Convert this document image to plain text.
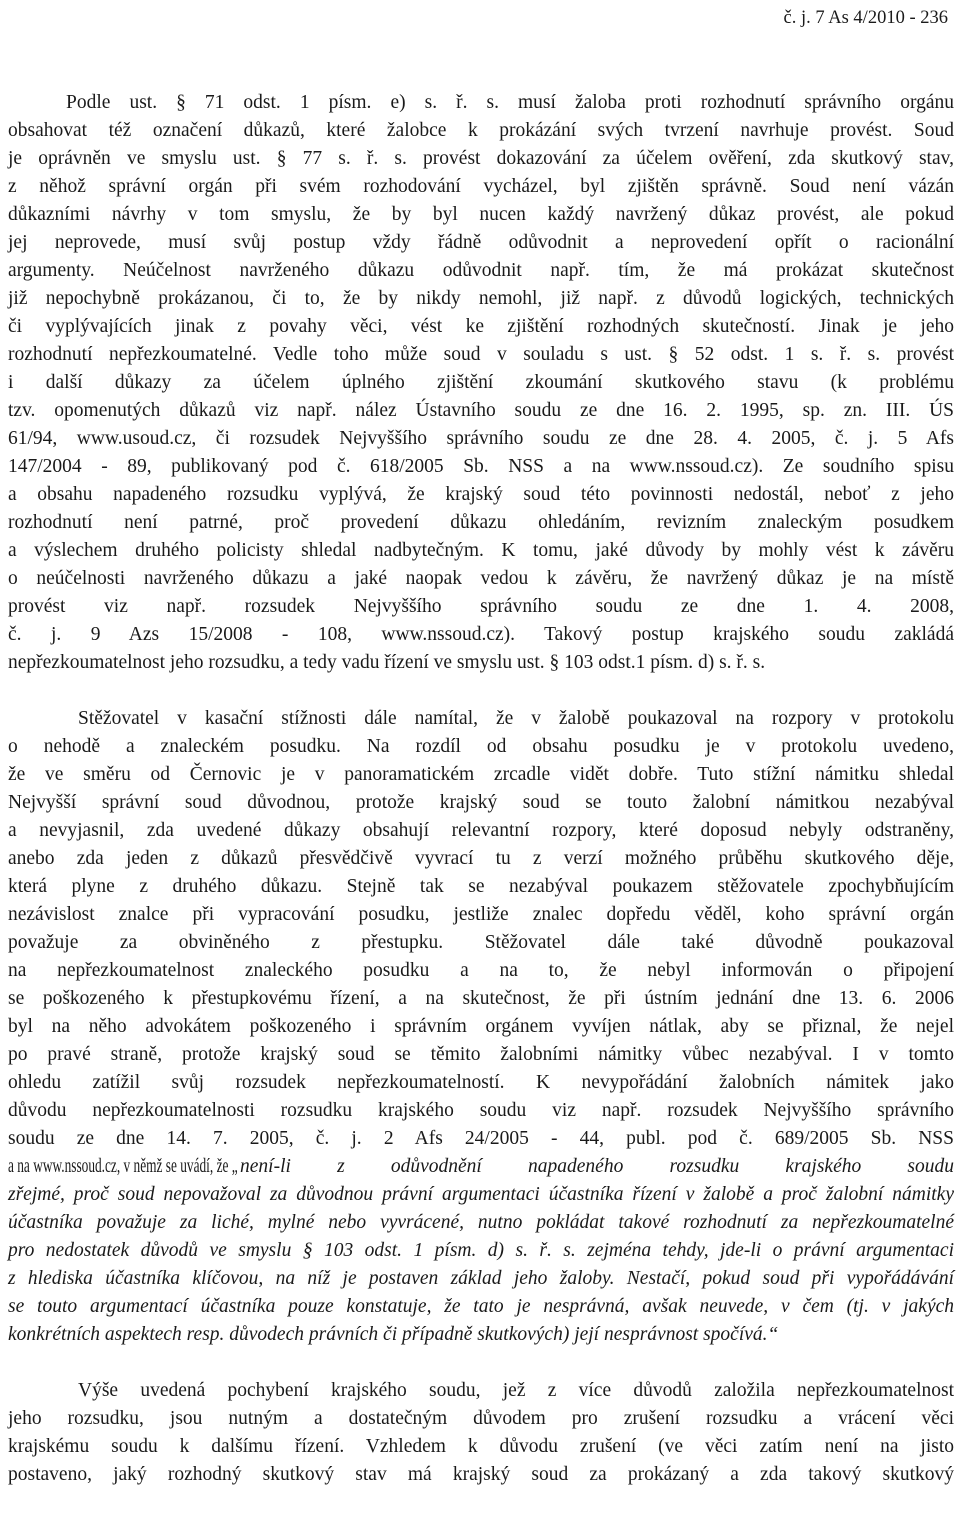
č. j. 7 As 4/2010 - 236
Podle ust. § 71 odst. 1 písm. e) s. ř. s. musí žaloba proti rozhodnutí správního orgánu
obsahovat též označení důkazů, které žalobce k prokázání svých tvrzení navrhuje provést. Soud
je oprávněn ve smyslu ust. § 77 s. ř. s. provést dokazování za účelem ověření, zda skutkový stav,
z něhož správní orgán při svém rozhodování vycházel, byl zjištěn správně. Soud není vázán
důkazními návrhy v tom smyslu, že by byl nucen každý navržený důkaz provést, ale pokud
jej neprovede, musí svůj postup vždy řádně odůvodnit a neprovedení opřít o racionální
argumenty. Neúčelnost navrženého důkazu odůvodnit např. tím, že má prokázat skutečnost
již nepochybně prokázanou, či to, že by nikdy nemohl, již např. z důvodů logických, technických
či vyplývajících jinak z povahy věci, vést ke zjištění rozhodných skutečností. Jinak je jeho
rozhodnutí nepřezkoumatelné. Vedle toho může soud v souladu s ust. § 52 odst. 1 s. ř. s. provést
i další důkazy za účelem úplného zjištění zkoumání skutkového stavu (k problému
tzv. opomenutých důkazů viz např. nález Ústavního soudu ze dne 16. 2. 1995, sp. zn. III. ÚS
61/94, www.usoud.cz, či rozsudek Nejvyššího správního soudu ze dne 28. 4. 2005, č. j. 5 Afs
147/2004 - 89, publikovaný pod č. 618/2005 Sb. NSS a na www.nssoud.cz). Ze soudního spisu
a obsahu napadeného rozsudku vyplývá, že krajský soud této povinnosti nedostál, neboť z jeho
rozhodnutí není patrné, proč provedení důkazu ohledáním, revizním znaleckým posudkem
a výslechem druhého policisty shledal nadbytečným. K tomu, jaké důvody by mohly vést k závěru
o neúčelnosti navrženého důkazu a jaké naopak vedou k závěru, že navržený důkaz je na místě
provést viz např. rozsudek Nejvyššího správního soudu ze dne 1. 4. 2008,
č. j. 9 Azs 15/2008 - 108, www.nssoud.cz). Takový postup krajského soudu zakládá
nepřezkoumatelnost jeho rozsudku, a tedy vadu řízení ve smyslu ust. § 103 odst.1 písm. d) s. ř. s.
Stěžovatel v kasační stížnosti dále namítal, že v žalobě poukazoval na rozpory v protokolu
o nehodě a znaleckém posudku. Na rozdíl od obsahu posudku je v protokolu uvedeno,
že ve směru od Černovic je v panoramatickém zrcadle vidět dobře. Tuto stížní námitku shledal
Nejvyšší správní soud důvodnou, protože krajský soud se touto žalobní námitkou nezabýval
a nevyjasnil, zda uvedené důkazy obsahují relevantní rozpory, které doposud nebyly odstraněny,
anebo zda jeden z důkazů přesvědčivě vyvrací tu z verzí možného průběhu skutkového děje,
která plyne z druhého důkazu. Stejně tak se nezabýval poukazem stěžovatele zpochybňujícím
nezávislost znalce při vypracování posudku, jestliže znalec dopředu věděl, koho správní orgán
považuje za obviněného z přestupku. Stěžovatel dále také důvodně poukazoval
na nepřezkoumatelnost znaleckého posudku a na to, že nebyl informován o připojení
se poškozeného k přestupkovému řízení, a na skutečnost, že při ústním jednání dne 13. 6. 2006
byl na něho advokátem poškozeného i správním orgánem vyvíjen nátlak, aby se přiznal, že nejel
po pravé straně, protože krajský soud se těmito žalobními námitky vůbec nezabýval. I v tomto
ohledu zatížil svůj rozsudek nepřezkoumatelností. K nevypořádání žalobních námitek jako
důvodu nepřezkoumatelnosti rozsudku krajského soudu viz např. rozsudek Nejvyššího správního
soudu ze dne 14. 7. 2005, č. j. 2 Afs 24/2005 - 44, publ. pod č. 689/2005 Sb. NSS
a na www.nssoud.cz, v němž se uvádí, že „ není-li z odůvodnění napadeného rozsudku krajského soudu
zřejmé, proč soud nepovažoval za důvodnou právní argumentaci účastníka řízení v žalobě a proč žalobní námitky
účastníka považuje za liché, mylné nebo vyvrácené, nutno pokládat takové rozhodnutí za nepřezkoumatelné
pro nedostatek důvodů ve smyslu § 103 odst. 1 písm. d) s. ř. s. zejména tehdy, jde-li o právní argumentaci
z hlediska účastníka klíčovou, na níž je postaven základ jeho žaloby. Nestačí, pokud soud při vypořádávání
se touto argumentací účastníka pouze konstatuje, že tato je nesprávná, avšak neuvede, v čem (tj. v jakých
konkrétních aspektech resp. důvodech právních či případně skutkových) její nesprávnost spočívá.“
Výše uvedená pochybení krajského soudu, jež z více důvodů založila nepřezkoumatelnost
jeho rozsudku, jsou nutným a dostatečným důvodem pro zrušení rozsudku a vrácení věci
krajskému soudu k dalšímu řízení. Vzhledem k důvodu zrušení (ve věci zatím není na jisto
postaveno, jaký rozhodný skutkový stav má krajský soud za prokázaný a zda takový skutkový
